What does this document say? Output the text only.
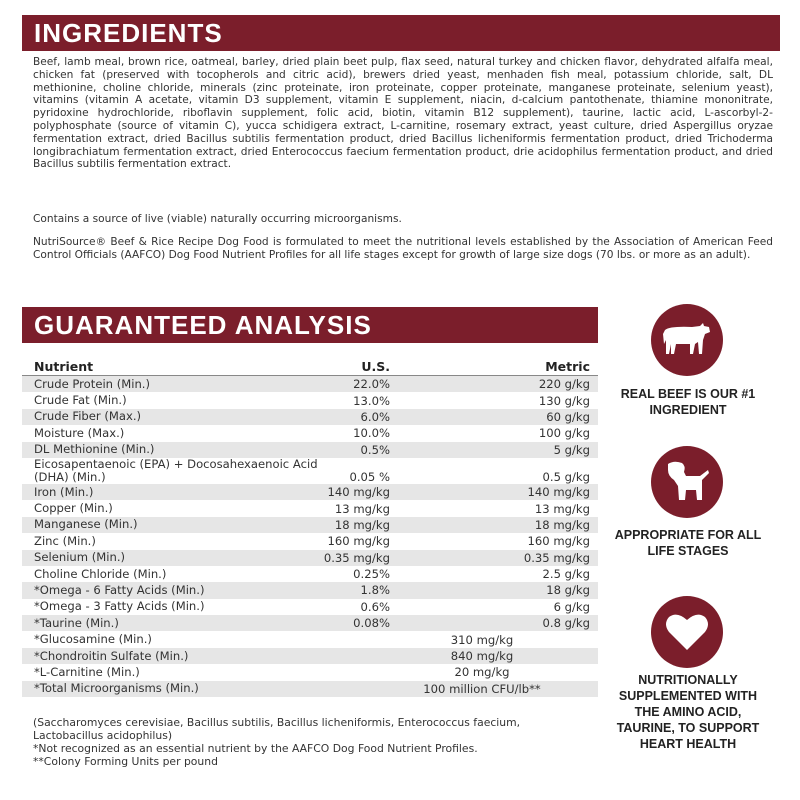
INGREDIENTS

Beef, lamb meal, brown rice, oatmeal, barley, dried plain beet pulp, flax seed, natural turkey and chicken flavor, dehydrated alfalfa meal, chicken fat (preserved with tocopherols and citric acid), brewers dried yeast, menhaden fish meal, potassium chloride, salt, DL methionine, choline chloride, minerals (zinc proteinate, iron proteinate, copper proteinate, manganese proteinate, selenium yeast), vitamins (vitamin A acetate, vitamin D3 supplement, vitamin E supplement, niacin, d-calcium pantothenate, thiamine mononitrate, pyridoxine hydrochloride, riboflavin supplement, folic acid, biotin, vitamin B12 supplement), taurine, lactic acid, L-ascorbyl-2-polyphosphate (source of vitamin C), yucca schidigera extract, L-carnitine, rosemary extract, yeast culture, dried Aspergillus oryzae fermentation extract, dried Bacillus subtilis fermentation product, dried Bacillus licheniformis fermentation product, dried Trichoderma longibrachiatum fermentation extract, dried Enterococcus faecium fermentation product, drie acidophilus fermentation product, and dried Bacillus subtilis fermentation extract.

Contains a source of live (viable) naturally occurring microorganisms.

NutriSource® Beef & Rice Recipe Dog Food is formulated to meet the nutritional levels established by the Association of American Feed Control Officials (AAFCO) Dog Food Nutrient Profiles for all life stages except for growth of large size dogs (70 lbs. or more as an adult).

GUARANTEED ANALYSIS
Nutrient	U.S.	Metric
Crude Protein (Min.)	22.0%	220 g/kg
Crude Fat (Min.)	13.0%	130 g/kg
Crude Fiber (Max.)	6.0%	60 g/kg
Moisture (Max.)	10.0%	100 g/kg
DL Methionine (Min.)	0.5%	5 g/kg
Eicosapentaenoic (EPA) + Docosahexaenoic Acid (DHA) (Min.)	0.05 %	0.5 g/kg
Iron (Min.)	140 mg/kg	140 mg/kg
Copper (Min.)	13 mg/kg	13 mg/kg
Manganese (Min.)	18 mg/kg	18 mg/kg
Zinc (Min.)	160 mg/kg	160 mg/kg
Selenium (Min.)	0.35 mg/kg	0.35 mg/kg
Choline Chloride (Min.)	0.25%	2.5 g/kg
*Omega - 6 Fatty Acids (Min.)	1.8%	18 g/kg
*Omega - 3 Fatty Acids (Min.)	0.6%	6 g/kg
*Taurine (Min.)	0.08%	0.8 g/kg
*Glucosamine (Min.)	310 mg/kg
*Chondroitin Sulfate (Min.)	840 mg/kg
*L-Carnitine (Min.)	20 mg/kg
*Total Microorganisms (Min.)	100 million CFU/lb**

(Saccharomyces cerevisiae, Bacillus subtilis, Bacillus licheniformis, Enterococcus faecium, Lactobacillus acidophilus)

*Not recognized as an essential nutrient by the AAFCO Dog Food Nutrient Profiles.

**Colony Forming Units per pound

REAL BEEF IS OUR #1 INGREDIENT
APPROPRIATE FOR ALL LIFE STAGES
NUTRITIONALLY SUPPLEMENTED WITH THE AMINO ACID, TAURINE, TO SUPPORT HEART HEALTH
